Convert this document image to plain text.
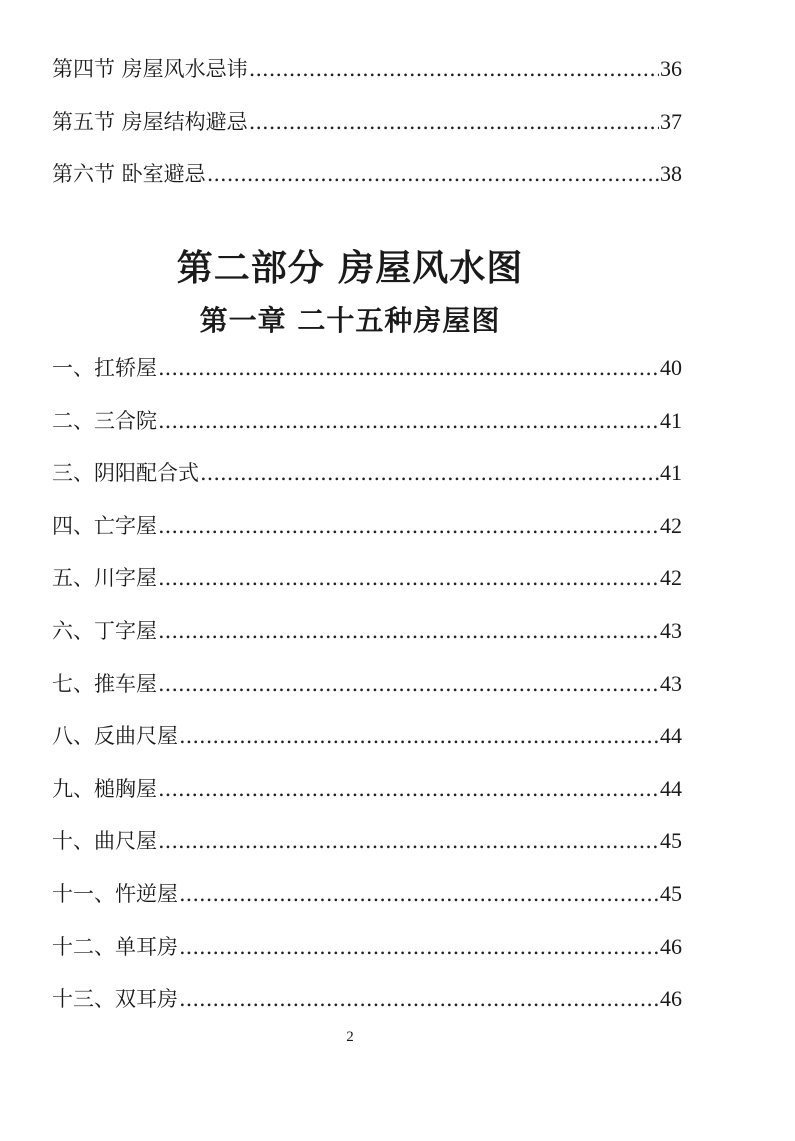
第四节 房屋风水忌讳 .....	36
第五节 房屋结构避忌 .....	37
第六节 卧室避忌 .....	38
第二部分 房屋风水图
第一章 二十五种房屋图
一、扛轿屋 .....	40
二、三合院 .....	41
三、阴阳配合式 .....	41
四、亡字屋 .....	42
五、川字屋 .....	42
六、丁字屋 .....	43
七、推车屋 .....	43
八、反曲尺屋 .....	44
九、槌胸屋 .....	44
十、曲尺屋 .....	45
十一、忤逆屋 .....	45
十二、单耳房 .....	46
十三、双耳房 .....	46
2
